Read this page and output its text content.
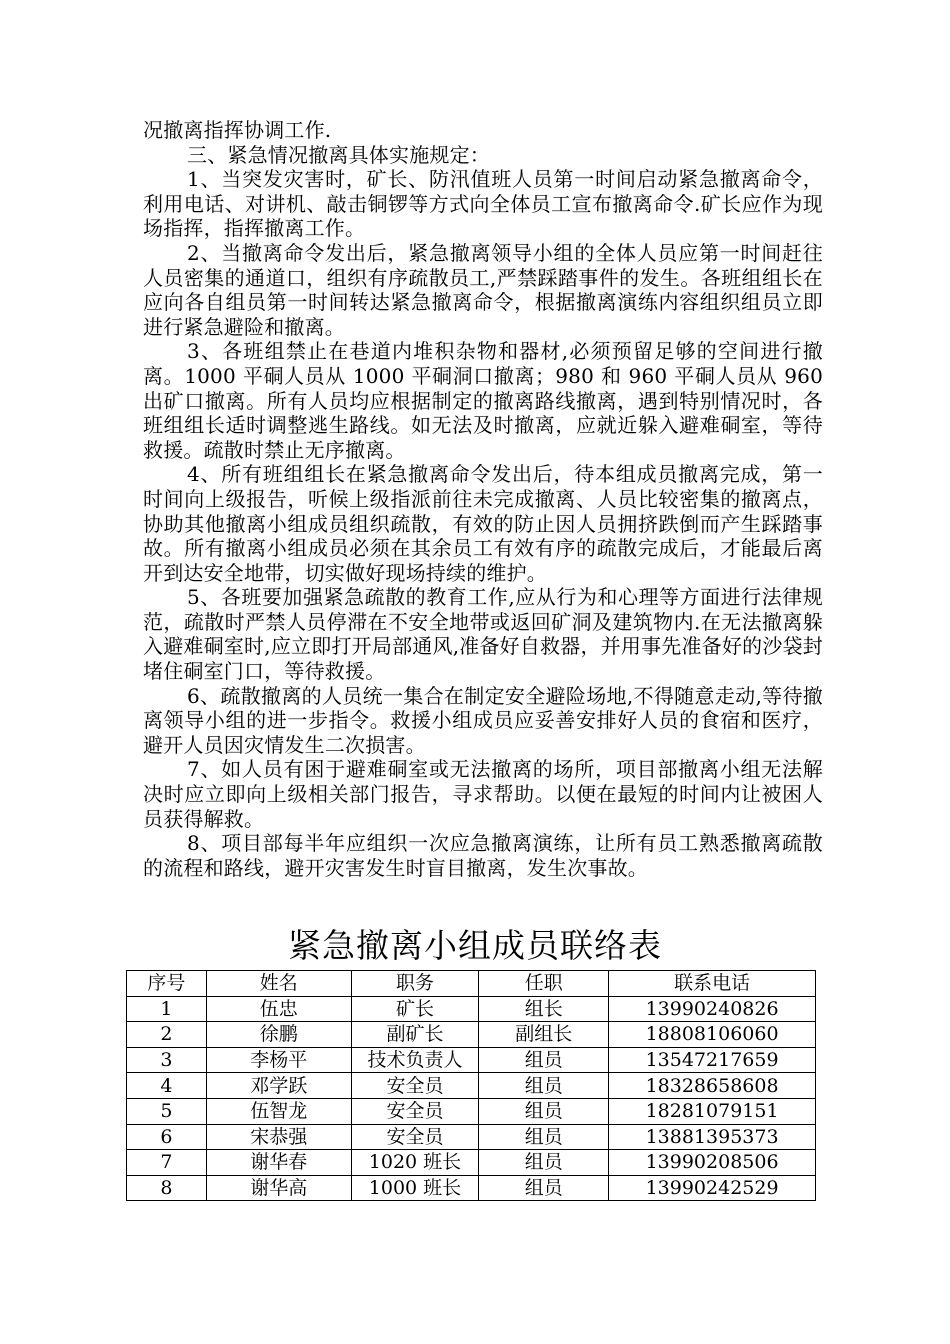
况撤离指挥协调工作.

三、紧急情况撤离具体实施规定：

1、当突发灾害时，矿长、防汛值班人员第一时间启动紧急撤离命令，利用电话、对讲机、敲击铜锣等方式向全体员工宣布撤离命令.矿长应作为现场指挥，指挥撤离工作。

2、当撤离命令发出后，紧急撤离领导小组的全体人员应第一时间赶往人员密集的通道口，组织有序疏散员工,严禁踩踏事件的发生。各班组组长在应向各自组员第一时间转达紧急撤离命令，根据撤离演练内容组织组员立即进行紧急避险和撤离。

3、各班组禁止在巷道内堆积杂物和器材,必须预留足够的空间进行撤离。1000 平硐人员从 1000 平硐洞口撤离；980 和 960 平硐人员从 960 出矿口撤离。所有人员均应根据制定的撤离路线撤离，遇到特别情况时，各班组组长适时调整逃生路线。如无法及时撤离，应就近躲入避难硐室，等待救援。疏散时禁止无序撤离。

4、所有班组组长在紧急撤离命令发出后，待本组成员撤离完成，第一时间向上级报告，听候上级指派前往未完成撤离、人员比较密集的撤离点，协助其他撤离小组成员组织疏散，有效的防止因人员拥挤跌倒而产生踩踏事故。所有撤离小组成员必须在其余员工有效有序的疏散完成后，才能最后离开到达安全地带，切实做好现场持续的维护。

5、各班要加强紧急疏散的教育工作,应从行为和心理等方面进行法律规范，疏散时严禁人员停滞在不安全地带或返回矿洞及建筑物内.在无法撤离躲入避难硐室时,应立即打开局部通风,准备好自救器，并用事先准备好的沙袋封堵住硐室门口，等待救援。

6、疏散撤离的人员统一集合在制定安全避险场地,不得随意走动,等待撤离领导小组的进一步指令。救援小组成员应妥善安排好人员的食宿和医疗，避开人员因灾情发生二次损害。

7、如人员有困于避难硐室或无法撤离的场所，项目部撤离小组无法解决时应立即向上级相关部门报告，寻求帮助。以便在最短的时间内让被困人员获得解救。

8、项目部每半年应组织一次应急撤离演练，让所有员工熟悉撤离疏散的流程和路线，避开灾害发生时盲目撤离，发生次事故。

紧急撤离小组成员联络表
序号	姓名	职务	任职	联系电话
1	伍忠	矿长	组长	13990240826
2	徐鹏	副矿长	副组长	18808106060
3	李杨平	技术负责人	组员	13547217659
4	邓学跃	安全员	组员	18328658608
5	伍智龙	安全员	组员	18281079151
6	宋恭强	安全员	组员	13881395373
7	谢华春	1020 班长	组员	13990208506
8	谢华高	1000 班长	组员	13990242529
